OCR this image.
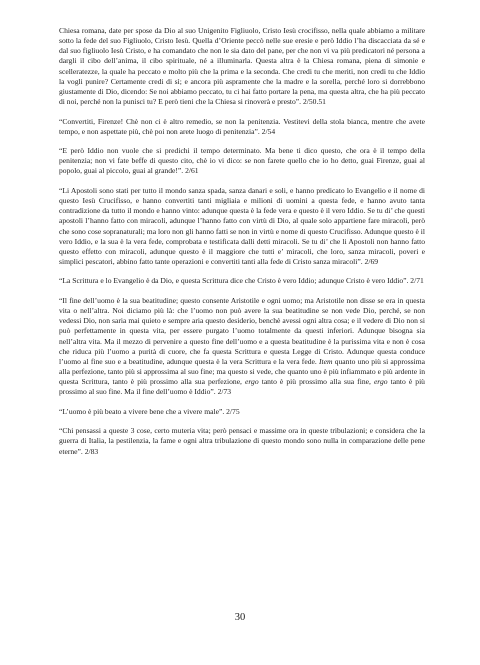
Chiesa romana, date per spose da Dio al suo Unigenito Figliuolo, Cristo Iesù crocifisso, nella quale abbiamo a militare sotto la fede del suo Figliuolo, Cristo Iesù. Quella d’Oriente peccò nelle sue eresie e però Iddio l’ha discacciata da sé e dal suo figliuolo Iesù Cristo, e ha comandato che non le sia dato del pane, per che non vi va più predicatori né persona a dargli il cibo dell’anima, il cibo spirituale, né a illuminarla. Questa altra è la Chiesa romana, piena di simonie e scelleratezze, la quale ha peccato e molto più che la prima e la seconda. Che credi tu che meriti, non credi tu che Iddio la vogli punire? Certamente credi di sì; e ancora più aspramente che la madre e la sorella, perché loro si dorrebbono giustamente di Dio, dicendo: Se noi abbiamo peccato, tu ci hai fatto portare la pena, ma questa altra, che ha più peccato di noi, perché non la punisci tu? E però tieni che la Chiesa si rinoverà e presto”. 2/50.51

“Convertiti, Firenze! Chè non ci è altro remedio, se non la penitenzia. Vestitevi della stola bianca, mentre che avete tempo, e non aspettate più, chè poi non arete luogo di penitenzia”. 2/54

“E però Iddio non vuole che si predichi il tempo determinato. Ma bene ti dico questo, che ora è il tempo della penitenzia; non vi fate beffe di questo cito, chè io vi dico: se non farete quello che io ho detto, guai Firenze, guai al popolo, guai al piccolo, guai al grande!”. 2/61

“Li Apostoli sono stati per tutto il mondo sanza spada, sanza danari e soli, e hanno predicato lo Evangelio e il nome di questo Iesù Crucifisso, e hanno convertiti tanti migliaia e milioni di uomini a questa fede, e hanno avuto tanta contradizione da tutto il mondo e hanno vinto: adunque questa è la fede vera e questo è il vero Iddio. Se tu di’ che questi apostoli l’hanno fatto con miracoli, adunque l’hanno fatto con virtù di Dio, al quale solo appartiene fare miracoli, però che sono cose sopranaturali; ma loro non gli hanno fatti se non in virtù e nome di questo Crucifisso. Adunque questo è il vero Iddio, e la sua è la vera fede, comprobata e testificata dalli detti miracoli. Se tu di’ che li Apostoli non hanno fatto questo effetto con miracoli, adunque questo è il maggiore che tutti e’ miracoli, che loro, sanza miracoli, poveri e simplici pescatori, abbino fatto tante operazioni e convertiti tanti alla fede di Cristo sanza miracoli”. 2/69

“La Scrittura e lo Evangelio è da Dio, e questa Scrittura dice che Cristo è vero Iddio; adunque Cristo è vero Iddio”. 2/71

“Il fine dell’uomo è la sua beatitudine; questo consente Aristotile e ogni uomo; ma Aristotile non disse se era in questa vita o nell’altra. Noi diciamo più là: che l’uomo non può avere la sua beatitudine se non vede Dio, perché, se non vedessi Dio, non saria mai quieto e sempre aria questo desiderio, benchè avessi ogni altra cosa; e il vedere di Dio non si può perfettamente in questa vita, per essere purgato l’uomo totalmente da questi inferiori. Adunque bisogna sia nell’altra vita. Ma il mezzo di pervenire a questo fine dell’uomo e a questa beatitudine è la purissima vita e non è cosa che riduca più l’uomo a purità di cuore, che fa questa Scrittura e questa Legge di Cristo. Adunque questa conduce l’uomo al fine suo e a beatitudine, adunque questa è la vera Scrittura e la vera fede. Item quanto uno più si approssima alla perfezione, tanto più si approssima al suo fine; ma questo si vede, che quanto uno è più infiammato e più ardente in questa Scrittura, tanto è più prossimo alla sua perfezione, ergo tanto è più prossimo alla sua fine, ergo tanto è più prossimo al suo fine. Ma il fine dell’uomo è Iddio”. 2/73

“L’uomo è più beato a vivere bene che a vivere male”. 2/75

“Chi pensassi a queste 3 cose, certo muteria vita; però pensaci e massime ora in queste tribulazioni; e considera che la guerra di Italia, la pestilenzia, la fame e ogni altra tribulazione di questo mondo sono nulla in comparazione delle pene eterne”. 2/83

30
